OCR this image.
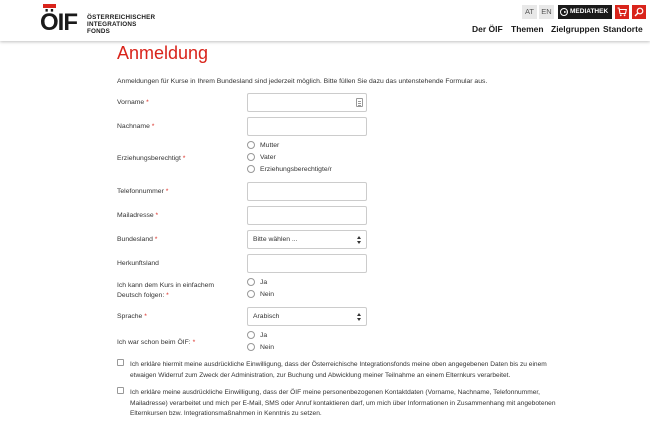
ÖIF ÖSTERREICHISCHER
INTEGRATIONS
FONDS
AT EN	MEDIATHEK
Der ÖIF Themen Zielgruppen Standorte
Anmeldung
Anmeldungen für Kurse in Ihrem Bundesland sind jederzeit möglich. Bitte füllen Sie dazu das untenstehende Formular aus.
Vorname *
Nachname *
Erziehungsberechtigt *
Mutter
Vater
Erziehungsberechtigte/r
Telefonnummer *
Mailadresse *
Bundesland *	Bitte wählen ...
Herkunftsland
Ich kann dem Kurs in einfachem
Deutsch folgen: *
Ja
Nein
Sprache *	Arabisch
Ich war schon beim ÖIF: *
Ja
Nein
Ich erkläre hiermit meine ausdrückliche Einwilligung, dass der Österreichische Integrationsfonds meine oben angegebenen Daten bis zu einem etwaigen Widerruf zum Zweck der Administration, zur Buchung und Abwicklung meiner Teilnahme an einem Elternkurs verarbeitet.
Ich erkläre meine ausdrückliche Einwilligung, dass der ÖIF meine personenbezogenen Kontaktdaten (Vorname, Nachname, Telefonnummer, Mailadresse) verarbeitet und mich per E-Mail, SMS oder Anruf kontaktieren darf, um mich über Informationen in Zusammenhang mit angebotenen Elternkursen bzw. Integrationsmaßnahmen in Kenntnis zu setzen.
